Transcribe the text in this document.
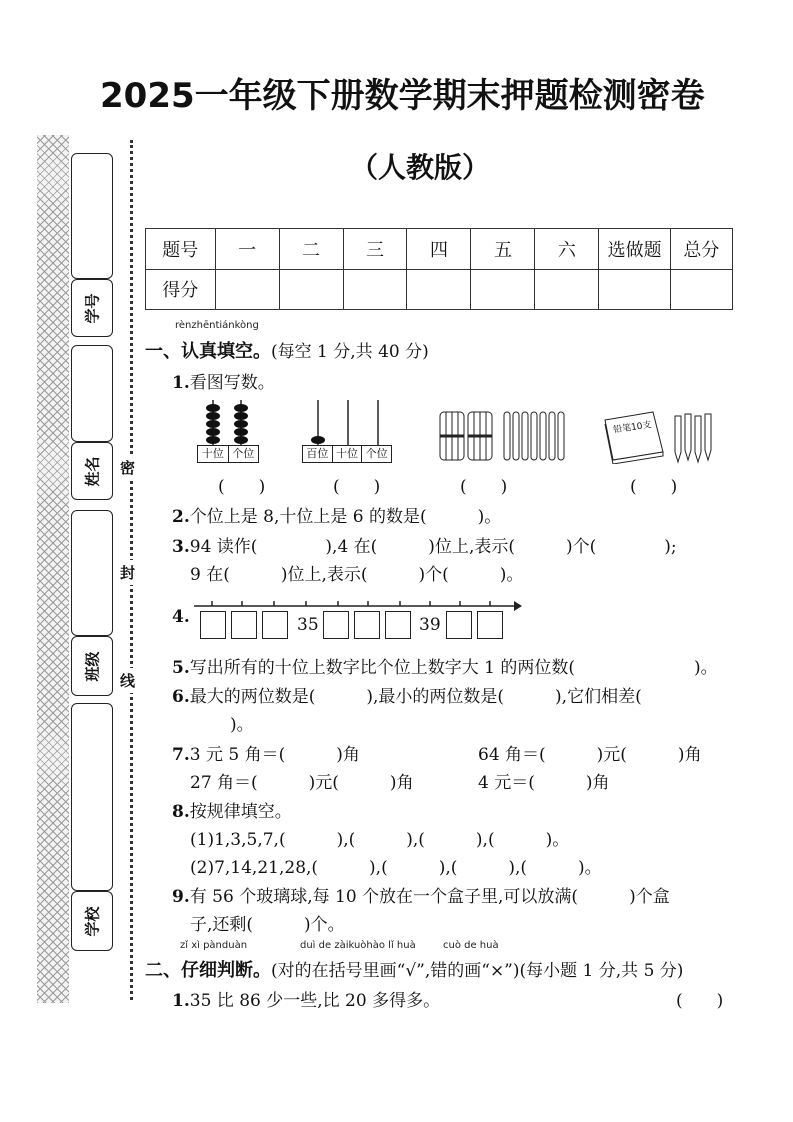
2025一年级下册数学期末押题检测密卷
（人教版）
学号
姓名
班级
学校
密
封
线
题号	一	二	三	四	五	六	选做题	总分
得分								
rènzhēntiánkòng
一、认真填空。(每空 1 分,共 40 分)
1.看图写数。
十位 个位	百位 十位 个位
铅笔10支
(　　)	(　　)	(　　)	(　　)
2.个位上是 8,十位上是 6 的数是(　　　)。
3.94 读作(　　　　),4 在(　　　)位上,表示(　　　)个(　　　　);
9 在(　　　)位上,表示(　　　)个(　　　)。
4.	35	39
5.写出所有的十位上数字比个位上数字大 1 的两位数(　　　　　　　)。
6.最大的两位数是(　　　),最小的两位数是(　　　),它们相差(
)。
7.3 元 5 角＝(　　　)角	64 角＝(　　　)元(　　　)角
27 角＝(　　　)元(　　　)角	4 元＝(　　　)角
8.按规律填空。
(1)1,3,5,7,(　　　),(　　　),(　　　),(　　　)。
(2)7,14,21,28,(　　　),(　　　),(　　　),(　　　)。
9.有 56 个玻璃球,每 10 个放在一个盒子里,可以放满(　　　)个盒
子,还剩(　　　)个。
zǐ xì pànduàn	duì de zàikuòhào lǐ huà	cuò de huà
二、仔细判断。(对的在括号里画“√”,错的画“×”)(每小题 1 分,共 5 分)
1.35 比 86 少一些,比 20 多得多。	(　　)
